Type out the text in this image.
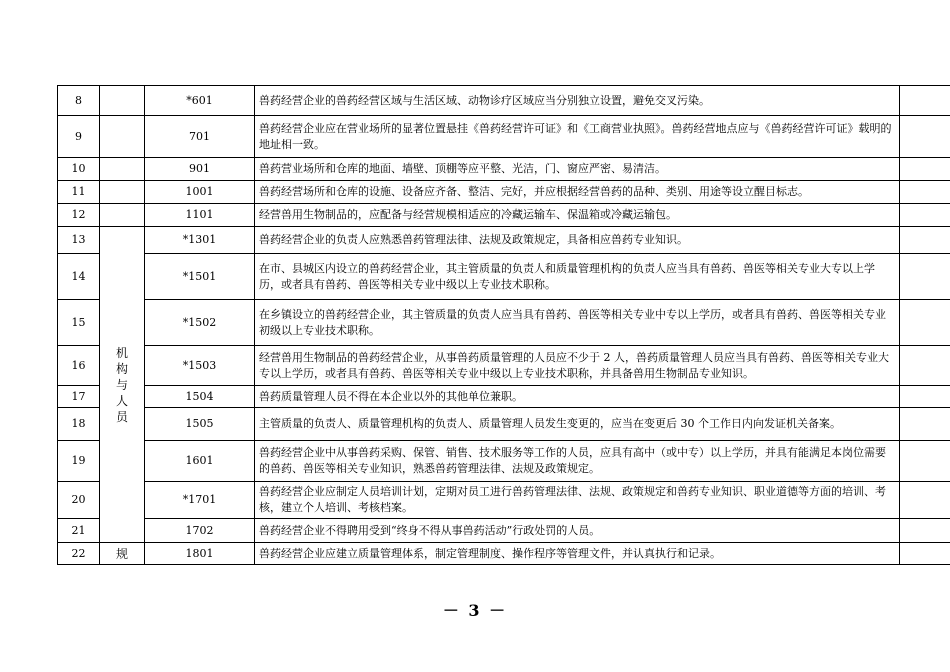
8		*601	兽药经营企业的兽药经营区域与生活区域、动物诊疗区域应当分别独立设置，避免交叉污染。	
9		701	兽药经营企业应在营业场所的显著位置悬挂《兽药经营许可证》和《工商营业执照》。兽药经营地点应与《兽药经营许可证》载明的地址相一致。	
10		901	兽药营业场所和仓库的地面、墙壁、顶棚等应平整、光洁，门、窗应严密、易清洁。	
11		1001	兽药经营场所和仓库的设施、设备应齐备、整洁、完好，并应根据经营兽药的品种、类别、用途等设立醒目标志。	
12		1101	经营兽用生物制品的，应配备与经营规模相适应的冷藏运输车、保温箱或冷藏运输包。	
13	机构与人员	*1301	兽药经营企业的负责人应熟悉兽药管理法律、法规及政策规定，具备相应兽药专业知识。	
14		*1501	在市、县城区内设立的兽药经营企业，其主管质量的负责人和质量管理机构的负责人应当具有兽药、兽医等相关专业大专以上学历，或者具有兽药、兽医等相关专业中级以上专业技术职称。	
15		*1502	在乡镇设立的兽药经营企业，其主管质量的负责人应当具有兽药、兽医等相关专业中专以上学历，或者具有兽药、兽医等相关专业初级以上专业技术职称。	
16		*1503	经营兽用生物制品的兽药经营企业，从事兽药质量管理的人员应不少于 2 人，兽药质量管理人员应当具有兽药、兽医等相关专业大专以上学历，或者具有兽药、兽医等相关专业中级以上专业技术职称，并具备兽用生物制品专业知识。	
17		1504	兽药质量管理人员不得在本企业以外的其他单位兼职。	
18		1505	主管质量的负责人、质量管理机构的负责人、质量管理人员发生变更的，应当在变更后 30 个工作日内向发证机关备案。	
19		1601	兽药经营企业中从事兽药采购、保管、销售、技术服务等工作的人员，应具有高中（或中专）以上学历，并具有能满足本岗位需要的兽药、兽医等相关专业知识，熟悉兽药管理法律、法规及政策规定。	
20		*1701	兽药经营企业应制定人员培训计划，定期对员工进行兽药管理法律、法规、政策规定和兽药专业知识、职业道德等方面的培训、考核，建立个人培训、考核档案。	
21		1702	兽药经营企业不得聘用受到“终身不得从事兽药活动”行政处罚的人员。	
22	规	1801	兽药经营企业应建立质量管理体系，制定管理制度、操作程序等管理文件，并认真执行和记录。	
－ 3 －
